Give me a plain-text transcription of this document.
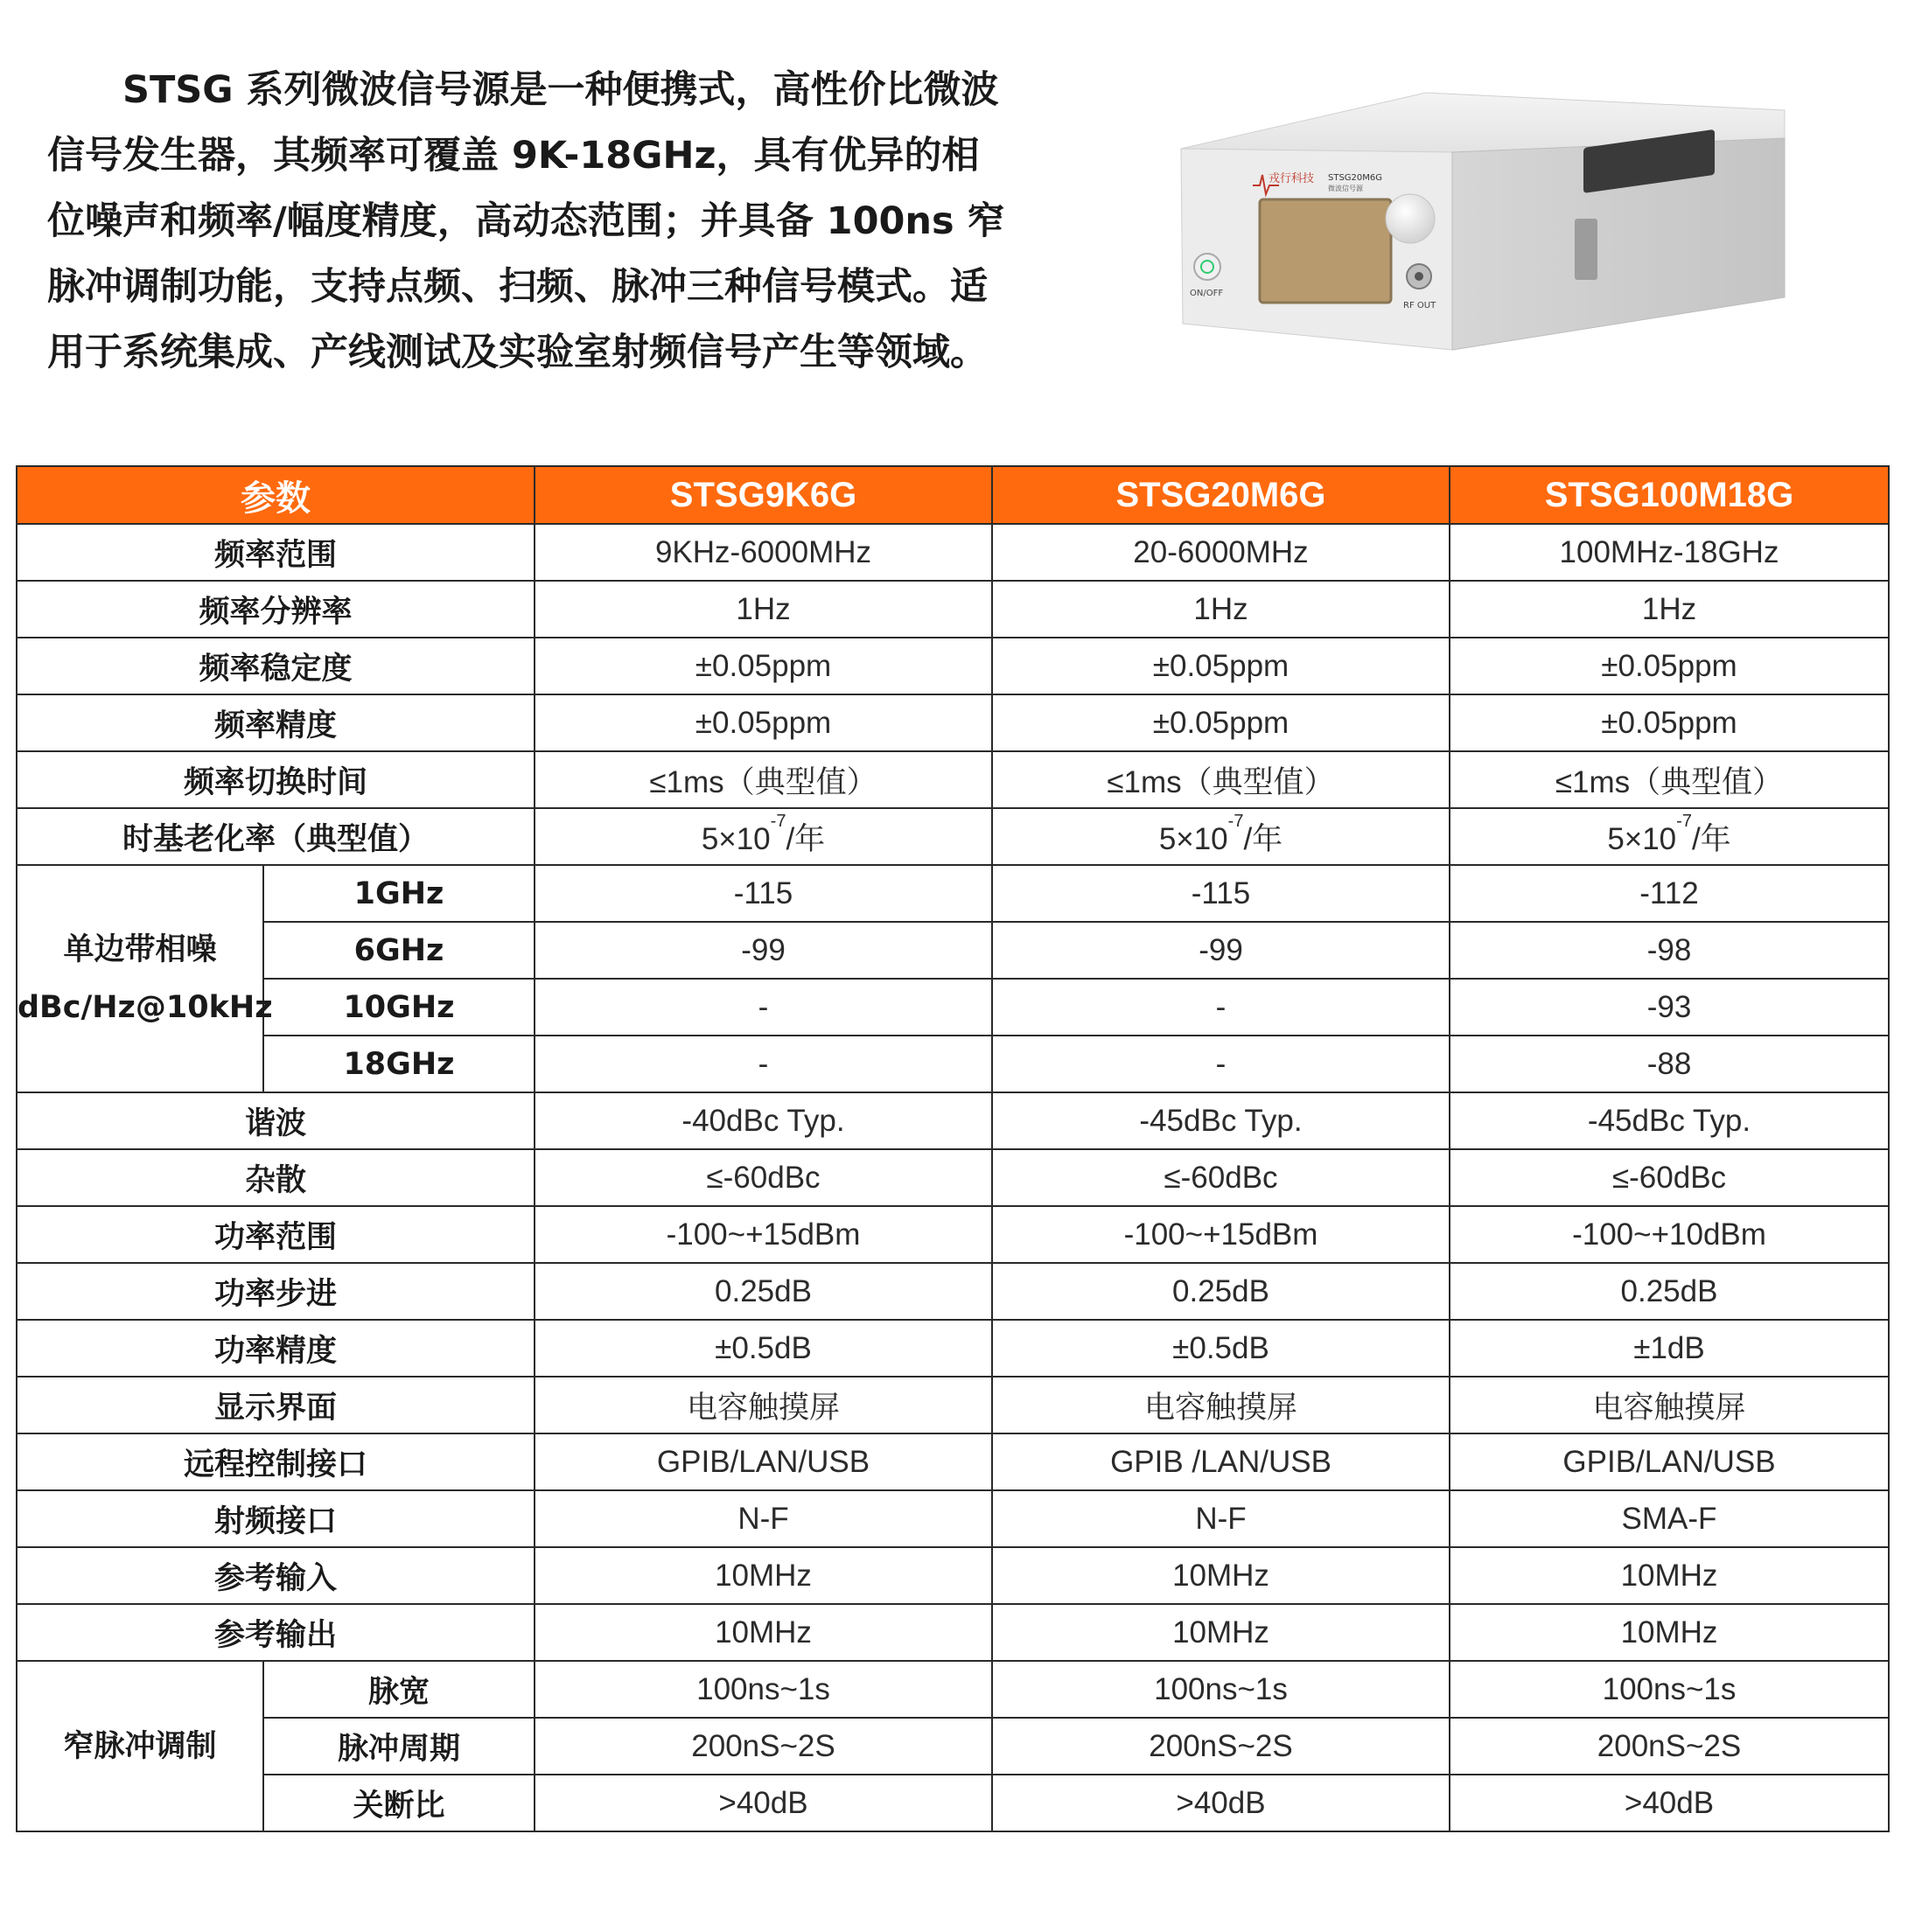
STSG 系列微波信号源是一种便携式，高性价比微波

信号发生器，其频率可覆盖 9K-18GHz，具有优异的相

位噪声和频率/幅度精度，高动态范围；并具备 100ns 窄

脉冲调制功能，支持点频、扫频、脉冲三种信号模式。适

用于系统集成、产线测试及实验室射频信号产生等领域。

戎行科技 STSG20M6G
微波信号源
ON/OFF
RF OUT
参数		STSG9K6G	STSG20M6G	STSG100M18G
频率范围		9KHz-6000MHz	20-6000MHz	100MHz-18GHz
频率分辨率		1Hz	1Hz	1Hz
频率稳定度		±0.05ppm	±0.05ppm	±0.05ppm
频率精度		±0.05ppm	±0.05ppm	±0.05ppm
频率切换时间		≤1ms（典型值）	≤1ms（典型值）	≤1ms（典型值）
时基老化率（典型值）		$5\times 10^{-7}/$年	$5\times 10^{-7}/$年	$5\times 10^{-7}/$年

单边带相噪
dBc/Hz@10kHz	1GHz	-115	-115	-112
	6GHz	-99	-99	-98
	10GHz	-	-	-93
	18GHz	-	-	-88
谐波		-40dBc Typ.	-45dBc Typ.	-45dBc Typ.
杂散		≤-60dBc	≤-60dBc	≤-60dBc
功率范围		-100~+15dBm	-100~+15dBm	-100~+10dBm
功率步进		0.25dB	0.25dB	0.25dB
功率精度		±0.5dB	±0.5dB	±1dB
显示界面		电容触摸屏	电容触摸屏	电容触摸屏
远程控制接口		GPIB/LAN/USB	GPIB /LAN/USB	GPIB/LAN/USB
射频接口		N-F	N-F	SMA-F
参考输入		10MHz	10MHz	10MHz
参考输出		10MHz	10MHz	10MHz
窄脉冲调制	脉宽	100ns~1s	100ns~1s	100ns~1s
	脉冲周期	200nS~2S	200nS~2S	200nS~2S
	关断比	>40dB	>40dB	>40dB
